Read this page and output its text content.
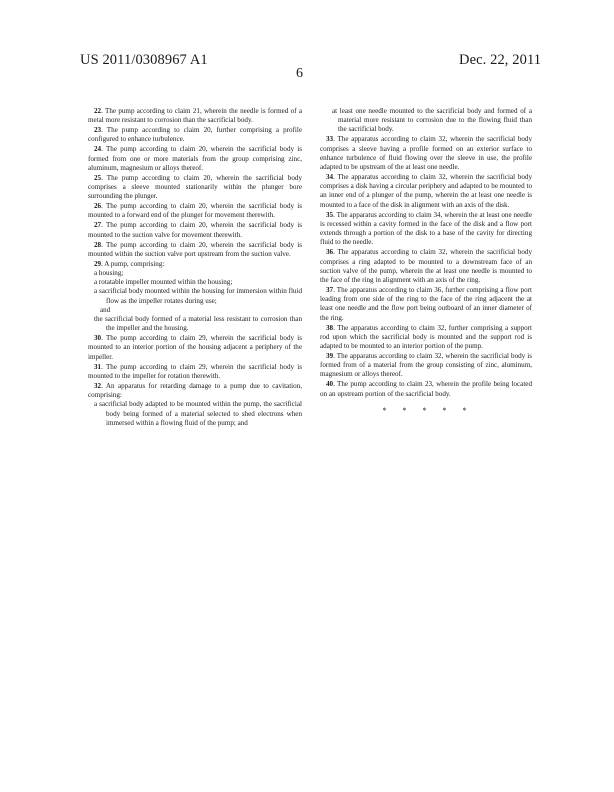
US 2011/0308967 A1	Dec. 22, 2011
6

22. The pump according to claim 21, wherein the needle is formed of a metal more resistant to corrosion than the sacrificial body.

23. The pump according to claim 20, further comprising a profile configured to enhance turbulence.

24. The pump according to claim 20, wherein the sacrificial body is formed from one or more materials from the group comprising zinc, aluminum, magnesium or alloys thereof.

25. The pump according to claim 20, wherein the sacrificial body comprises a sleeve mounted stationarily within the plunger bore surrounding the plunger.

26. The pump according to claim 20, wherein the sacrificial body is mounted to a forward end of the plunger for movement therewith.

27. The pump according to claim 20, wherein the sacrificial body is mounted to the suction valve for movement therewith.

28. The pump according to claim 20, wherein the sacrificial body is mounted within the suction valve port upstream from the suction valve.

29. A pump, comprising:

a housing;
a rotatable impeller mounted within the housing;
a sacrificial body mounted within the housing for immersion within fluid flow as the impeller rotates during use;
and
the sacrificial body formed of a material less resistant to corrosion than the impeller and the housing.

30. The pump according to claim 29, wherein the sacrificial body is mounted to an interior portion of the housing adjacent a periphery of the impeller.

31. The pump according to claim 29, wherein the sacrificial body is mounted to the impeller for rotation therewith.

32. An apparatus for retarding damage to a pump due to cavitation, comprising:

a sacrificial body adapted to be mounted within the pump, the sacrificial body being formed of a material selected to shed electrons when immersed within a flowing fluid of the pump; and
at least one needle mounted to the sacrificial body and formed of a material more resistant to corrosion due to the flowing fluid than the sacrificial body.

33. The apparatus according to claim 32, wherein the sacrificial body comprises a sleeve having a profile formed on an exterior surface to enhance turbulence of fluid flowing over the sleeve in use, the profile adapted to be upstream of the at least one needle.

34. The apparatus according to claim 32, wherein the sacrificial body comprises a disk having a circular periphery and adapted to be mounted to an inner end of a plunger of the pump, wherein the at least one needle is mounted to a face of the disk in alignment with an axis of the disk.

35. The apparatus according to claim 34, wherein the at least one needle is recessed within a cavity formed in the face of the disk and a flow port extends through a portion of the disk to a base of the cavity for directing fluid to the needle.

36. The apparatus according to claim 32, wherein the sacrificial body comprises a ring adapted to be mounted to a downstream face of an suction valve of the pump, wherein the at least one needle is mounted to the face of the ring in alignment with an axis of the ring.

37. The apparatus according to claim 36, further comprising a flow port leading from one side of the ring to the face of the ring adjacent the at least one needle and the flow port being outboard of an inner diameter of the ring.

38. The apparatus according to claim 32, further comprising a support rod upon which the sacrificial body is mounted and the support rod is adapted to be mounted to an interior portion of the pump.

39. The apparatus according to claim 32, wherein the sacrificial body is formed from of a material from the group consisting of zinc, aluminum, magnesium or alloys thereof.

40. The pump according to claim 23, wherein the profile being located on an upstream portion of the sacrificial body.

* * * * *
